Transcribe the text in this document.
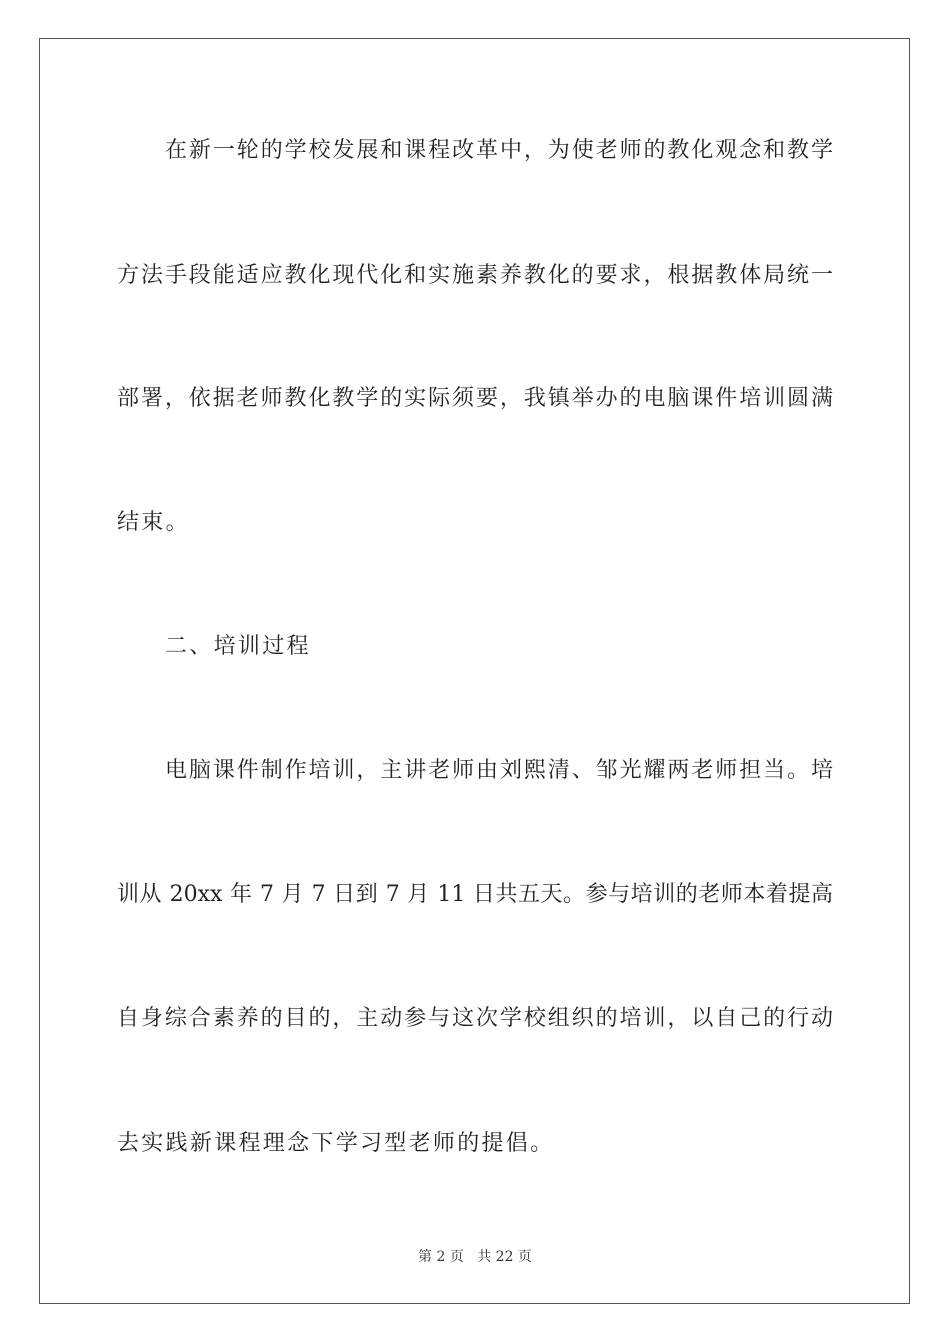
在新一轮的学校发展和课程改革中，为使老师的教化观念和教学
方法手段能适应教化现代化和实施素养教化的要求，根据教体局统一
部署，依据老师教化教学的实际须要，我镇举办的电脑课件培训圆满
结束。
二、培训过程
电脑课件制作培训，主讲老师由刘熙清、邹光耀两老师担当。培
训从 20xx 年 7 月 7 日到 7 月 11 日共五天。参与培训的老师本着提高
自身综合素养的目的，主动参与这次学校组织的培训，以自己的行动
去实践新课程理念下学习型老师的提倡。
第 2 页 共 22 页
